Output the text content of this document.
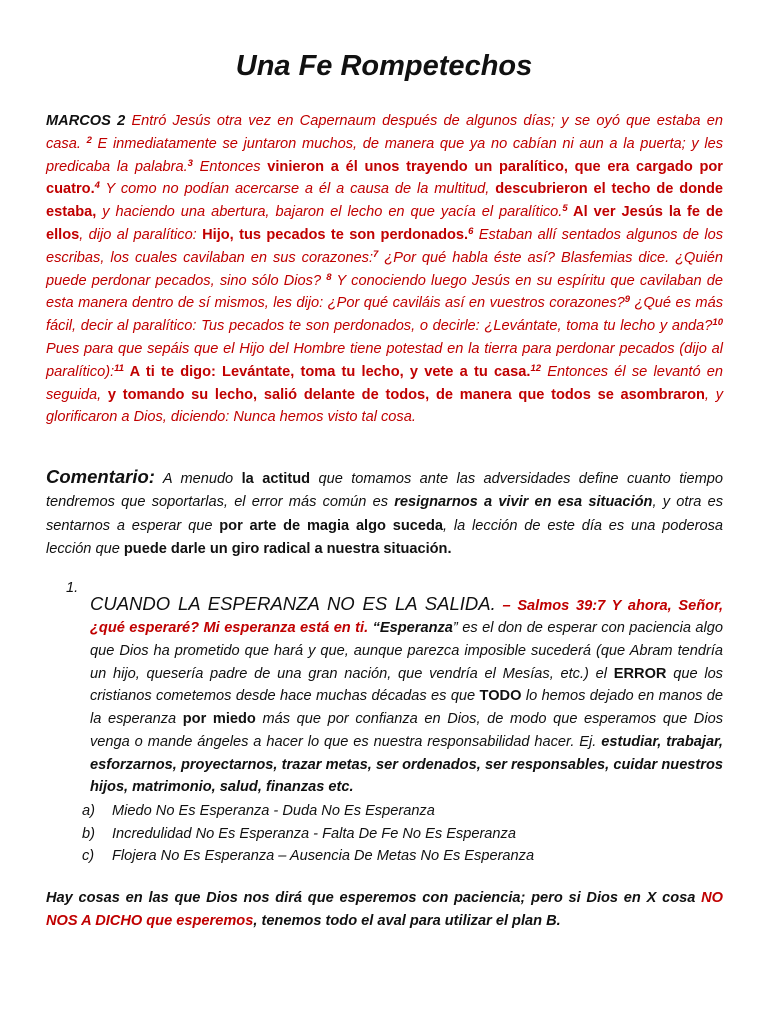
Una Fe Rompetechos

MARCOS 2 Entró Jesús otra vez en Capernaum después de algunos días; y se oyó que estaba en casa. $^2$ E inmediatamente se juntaron muchos, de manera que ya no cabían ni aun a la puerta; y les predicaba la palabra.$^3$ Entonces vinieron a él unos trayendo un paralítico, que era cargado por cuatro.$^4$ Y como no podían acercarse a él a causa de la multitud, descubrieron el techo de donde estaba, y haciendo una abertura, bajaron el lecho en que yacía el paralítico.$^5$ Al ver Jesús la fe de ellos, dijo al paralítico: Hijo, tus pecados te son perdonados.$^6$ Estaban allí sentados algunos de los escribas, los cuales cavilaban en sus corazones:$^7$ ¿Por qué habla éste así? Blasfemias dice. ¿Quién puede perdonar pecados, sino sólo Dios? $^8$ Y conociendo luego Jesús en su espíritu que cavilaban de esta manera dentro de sí mismos, les dijo: ¿Por qué caviláis así en vuestros corazones?$^9$ ¿Qué es más fácil, decir al paralítico: Tus pecados te son perdonados, o decirle: ¿Levántate, toma tu lecho y anda?$^{10}$ Pues para que sepáis que el Hijo del Hombre tiene potestad en la tierra para perdonar pecados (dijo al paralítico):$^{11}$ A ti te digo: Levántate, toma tu lecho, y vete a tu casa.$^{12}$ Entonces él se levantó en seguida, y tomando su lecho, salió delante de todos, de manera que todos se asombraron, y glorificaron a Dios, diciendo: Nunca hemos visto tal cosa.

Comentario: A menudo la actitud que tomamos ante las adversidades define cuanto tiempo tendremos que soportarlas, el error más común es resignarnos a vivir en esa situación, y otra es sentarnos a esperar que por arte de magia algo suceda, la lección de este día es una poderosa lección que puede darle un giro radical a nuestra situación.

1.

CUANDO LA ESPERANZA NO ES LA SALIDA. – Salmos 39:7 Y ahora, Señor, ¿qué esperaré? Mi esperanza está en ti. “Esperanza” es el don de esperar con paciencia algo que Dios ha prometido que hará y que, aunque parezca imposible sucederá (que Abram tendría un hijo, quesería padre de una gran nación, que vendría el Mesías, etc.) el ERROR que los cristianos cometemos desde hace muchas décadas es que TODO lo hemos dejado en manos de la esperanza por miedo más que por confianza en Dios, de modo que esperamos que Dios venga o mande ángeles a hacer lo que es nuestra responsabilidad hacer. Ej. estudiar, trabajar, esforzarnos, proyectarnos, trazar metas, ser ordenados, ser responsables, cuidar nuestros hijos, matrimonio, salud, finanzas etc.

a) Miedo No Es Esperanza - Duda No Es Esperanza
b) Incredulidad No Es Esperanza - Falta De Fe No Es Esperanza
c) Flojera No Es Esperanza – Ausencia De Metas No Es Esperanza

Hay cosas en las que Dios nos dirá que esperemos con paciencia; pero si Dios en X cosa NO NOS A DICHO que esperemos, tenemos todo el aval para utilizar el plan B.
